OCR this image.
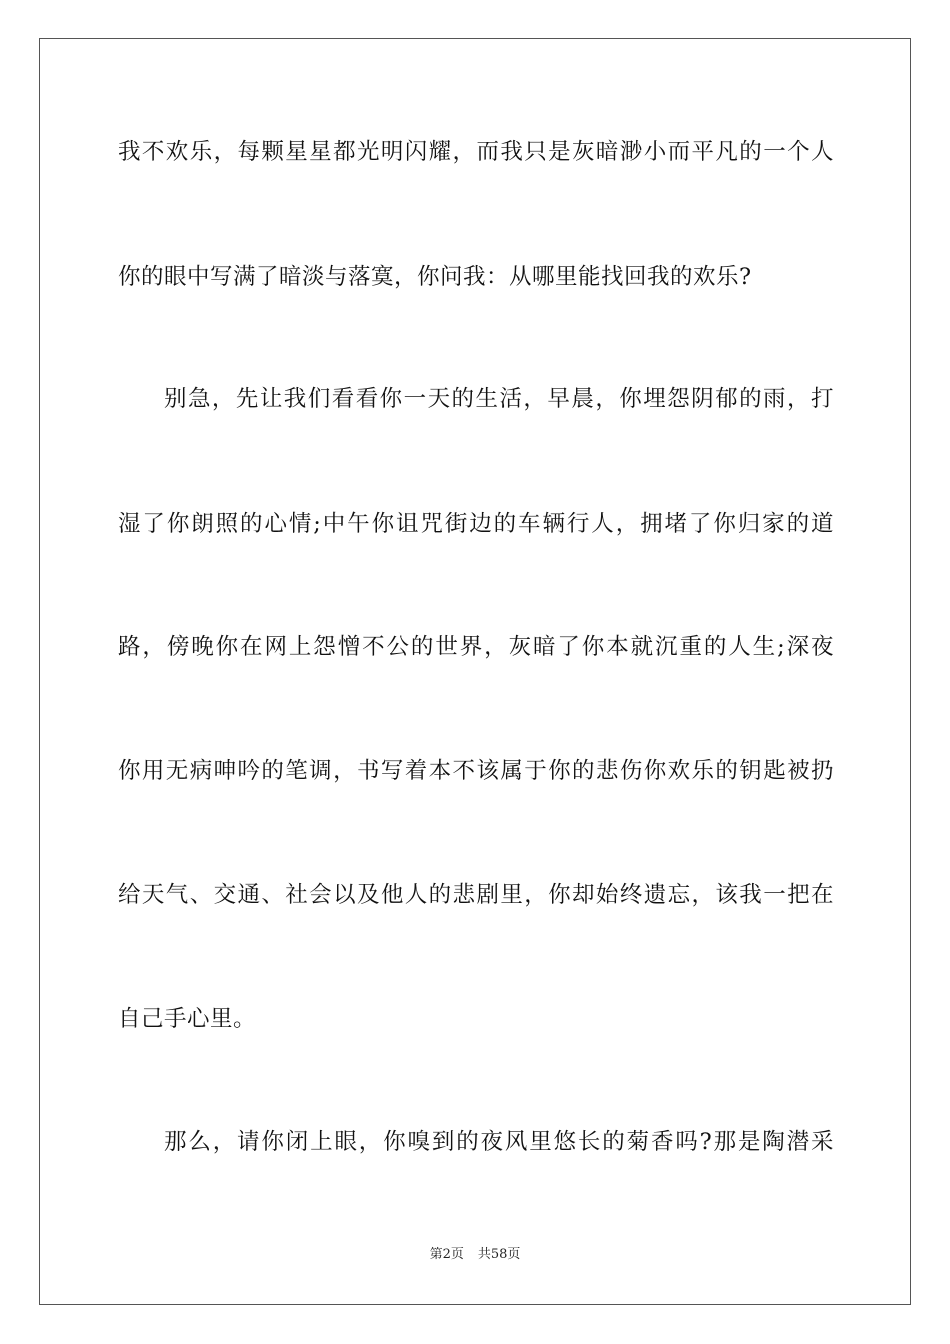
我不欢乐，每颗星星都光明闪耀，而我只是灰暗渺小而平凡的一个人
你的眼中写满了暗淡与落寞，你问我：从哪里能找回我的欢乐?
别急，先让我们看看你一天的生活，早晨，你埋怨阴郁的雨，打
湿了你朗照的心情;中午你诅咒街边的车辆行人，拥堵了你归家的道
路，傍晚你在网上怨憎不公的世界，灰暗了你本就沉重的人生;深夜
你用无病呻吟的笔调，书写着本不该属于你的悲伤你欢乐的钥匙被扔
给天气、交通、社会以及他人的悲剧里，你却始终遗忘，该我一把在
自己手心里。
那么，请你闭上眼，你嗅到的夜风里悠长的菊香吗?那是陶潜采
第2页 共58页
